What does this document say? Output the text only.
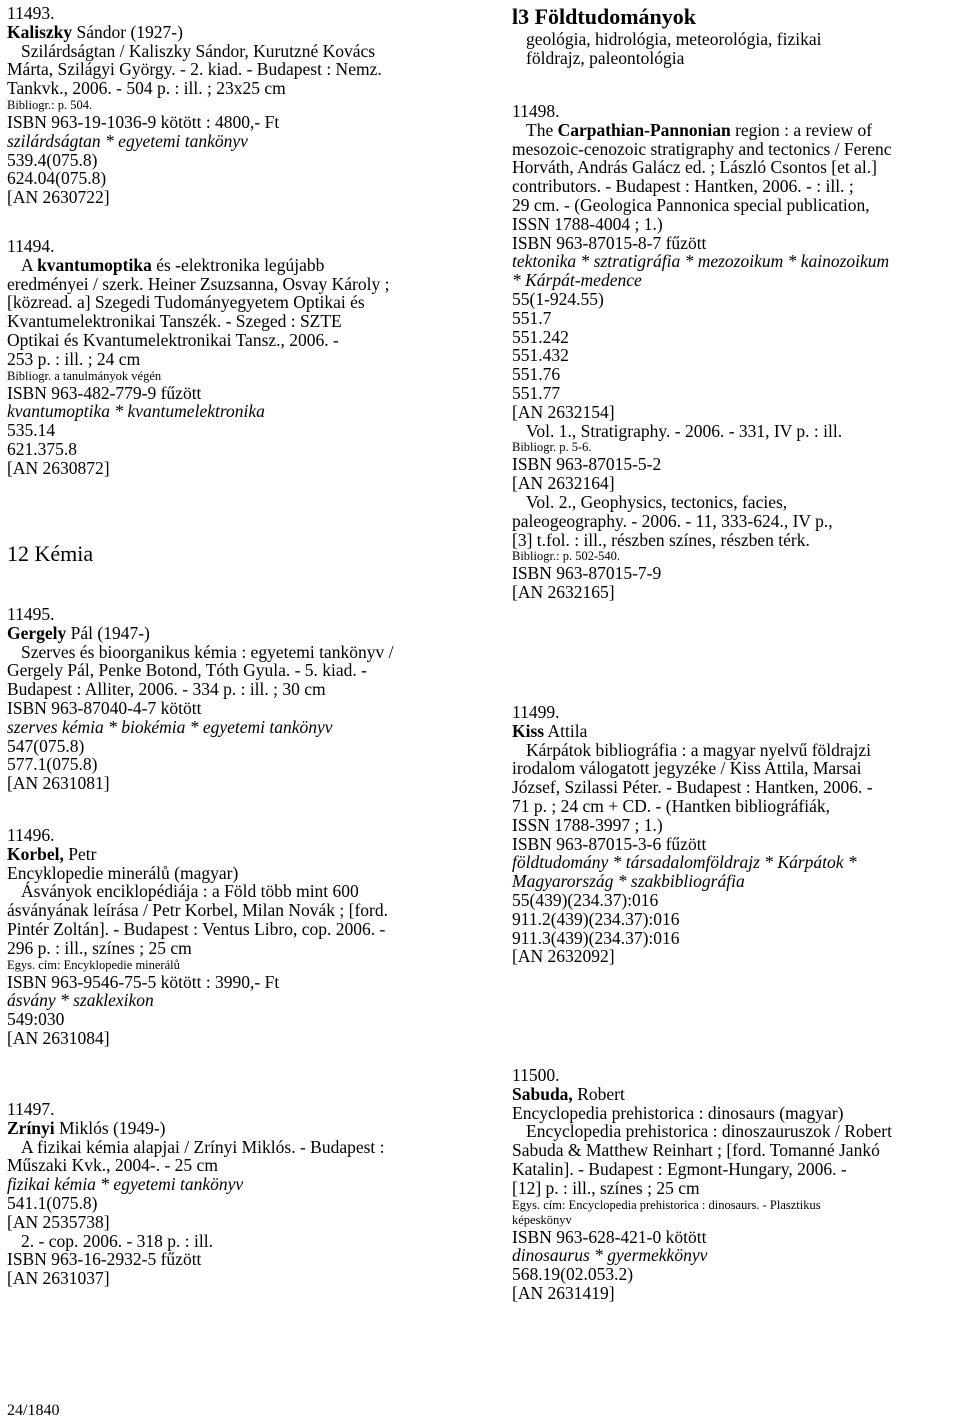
11493.
Kaliszky Sándor (1927-)
Szilárdságtan / Kaliszky Sándor, Kurutzné Kovács
Márta, Szilágyi György. - 2. kiad. - Budapest : Nemz.
Tankvk., 2006. - 504 p. : ill. ; 23x25 cm
Bibliogr.: p. 504.
ISBN 963-19-1036-9 kötött : 4800,- Ft
szilárdságtan * egyetemi tankönyv
539.4(075.8)
624.04(075.8)
[AN 2630722]
11494.
A kvantumoptika és -elektronika legújabb
eredményei / szerk. Heiner Zsuzsanna, Osvay Károly ;
[közread. a] Szegedi Tudományegyetem Optikai és
Kvantumelektronikai Tanszék. - Szeged : SZTE
Optikai és Kvantumelektronikai Tansz., 2006. -
253 p. : ill. ; 24 cm
Bibliogr. a tanulmányok végén
ISBN 963-482-779-9 fűzött
kvantumoptika * kvantumelektronika
535.14
621.375.8
[AN 2630872]
12 Kémia
11495.
Gergely Pál (1947-)
Szerves és bioorganikus kémia : egyetemi tankönyv /
Gergely Pál, Penke Botond, Tóth Gyula. - 5. kiad. -
Budapest : Alliter, 2006. - 334 p. : ill. ; 30 cm
ISBN 963-87040-4-7 kötött
szerves kémia * biokémia * egyetemi tankönyv
547(075.8)
577.1(075.8)
[AN 2631081]
11496.
Korbel, Petr
Encyklopedie minerálů (magyar)
Ásványok enciklopédiája : a Föld több mint 600
ásványának leírása / Petr Korbel, Milan Novák ; [ford.
Pintér Zoltán]. - Budapest : Ventus Libro, cop. 2006. -
296 p. : ill., színes ; 25 cm
Egys. cím: Encyklopedie minerálů
ISBN 963-9546-75-5 kötött : 3990,- Ft
ásvány * szaklexikon
549:030
[AN 2631084]
11497.
Zrínyi Miklós (1949-)
A fizikai kémia alapjai / Zrínyi Miklós. - Budapest :
Műszaki Kvk., 2004-. - 25 cm
fizikai kémia * egyetemi tankönyv
541.1(075.8)
[AN 2535738]
2. - cop. 2006. - 318 p. : ill.
ISBN 963-16-2932-5 fűzött
[AN 2631037]
l3 Földtudományok
geológia, hidrológia, meteorológia, fizikai
földrajz, paleontológia
11498.
The Carpathian-Pannonian region : a review of
mesozoic-cenozoic stratigraphy and tectonics / Ferenc
Horváth, András Galácz ed. ; László Csontos [et al.]
contributors. - Budapest : Hantken, 2006. - : ill. ;
29 cm. - (Geologica Pannonica special publication,
ISSN 1788-4004 ; 1.)
ISBN 963-87015-8-7 fűzött
tektonika * sztratigráfia * mezozoikum * kainozoikum
* Kárpát-medence
55(1-924.55)
551.7
551.242
551.432
551.76
551.77
[AN 2632154]
Vol. 1., Stratigraphy. - 2006. - 331, IV p. : ill.
Bibliogr. p. 5-6.
ISBN 963-87015-5-2
[AN 2632164]
Vol. 2., Geophysics, tectonics, facies,
paleogeography. - 2006. - 11, 333-624., IV p.,
[3] t.fol. : ill., részben színes, részben térk.
Bibliogr.: p. 502-540.
ISBN 963-87015-7-9
[AN 2632165]
11499.
Kiss Attila
Kárpátok bibliográfia : a magyar nyelvű földrajzi
irodalom válogatott jegyzéke / Kiss Attila, Marsai
József, Szilassi Péter. - Budapest : Hantken, 2006. -
71 p. ; 24 cm + CD. - (Hantken bibliográfiák,
ISSN 1788-3997 ; 1.)
ISBN 963-87015-3-6 fűzött
földtudomány * társadalomföldrajz * Kárpátok *
Magyarország * szakbibliográfia
55(439)(234.37):016
911.2(439)(234.37):016
911.3(439)(234.37):016
[AN 2632092]
11500.
Sabuda, Robert
Encyclopedia prehistorica : dinosaurs (magyar)
Encyclopedia prehistorica : dinoszauruszok / Robert
Sabuda & Matthew Reinhart ; [ford. Tomanné Jankó
Katalin]. - Budapest : Egmont-Hungary, 2006. -
[12] p. : ill., színes ; 25 cm
Egys. cím: Encyclopedia prehistorica : dinosaurs. - Plasztikus
képeskönyv
ISBN 963-628-421-0 kötött
dinosaurus * gyermekkönyv
568.19(02.053.2)
[AN 2631419]
24/1840
